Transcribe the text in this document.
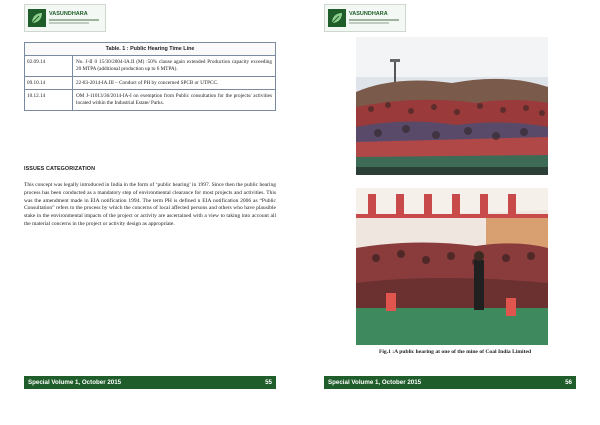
VASUNDHARA
Table. 1 : Public Hearing Time Line
02.09.14	No. J-II 0 15/30/2004-IA.II (M) :50% clause again extended Production capacity exceeding 20 MTPA (additional production up to 6 MTPA).
09.10.14	22-83-2014-IA.III – Conduct of PH by concerned SPCB or UTPCC.
10.12.14	OM J-11013/36/2014-IA-I on exemption from Public consultation for the projects/ activities located within the Industrial Estate/ Parks.
ISSUES CATEGORIZATION
This concept was legally introduced in India in the form of ‘public hearing’ in 1997. Since then the public hearing process has been conducted as a mandatory step of environmental clearance for most projects and activities. This was the amendment made in EIA notification 1994. The term PH is defined n EIA notification 2006 as “Public Consultation” refers to the process by which the concerns of local affected persons and others who have plausible stake in the environmental impacts of the project or activity are ascertained with a view to taking into account all the material concerns in the project or activity design as appropriate.
Special Volume 1, October 2015	55
VASUNDHARA
Fig.1 :A public hearing at one of the mine of Coal India Limited
Special Volume 1, October 2015	56
